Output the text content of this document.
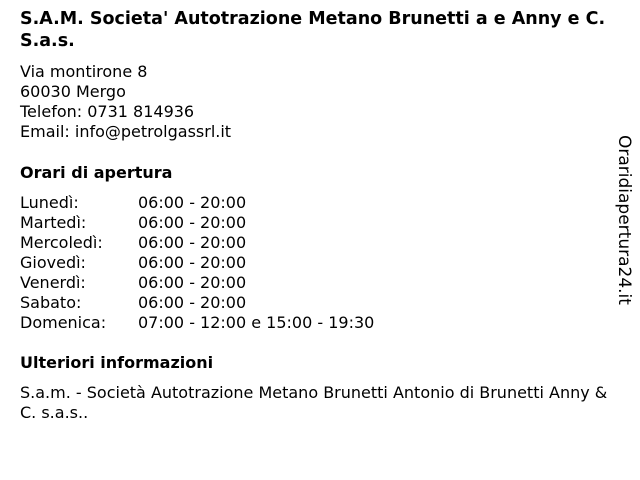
S.A.M. Societa' Autotrazione Metano Brunetti a e Anny e C. S.a.s.
Via montirone 8
60030 Mergo
Telefon: 0731 814936
Email: info@petrolgassrl.it
Orari di apertura
Lunedì:	06:00 - 20:00
Martedì:	06:00 - 20:00
Mercoledì:	06:00 - 20:00
Giovedì:	06:00 - 20:00
Venerdì:	06:00 - 20:00
Sabato:	06:00 - 20:00
Domenica:	07:00 - 12:00 e 15:00 - 19:30
Ulteriori informazioni
S.a.m. - Società Autotrazione Metano Brunetti Antonio di Brunetti Anny & C. s.a.s..
Oraridiapertura24.it
